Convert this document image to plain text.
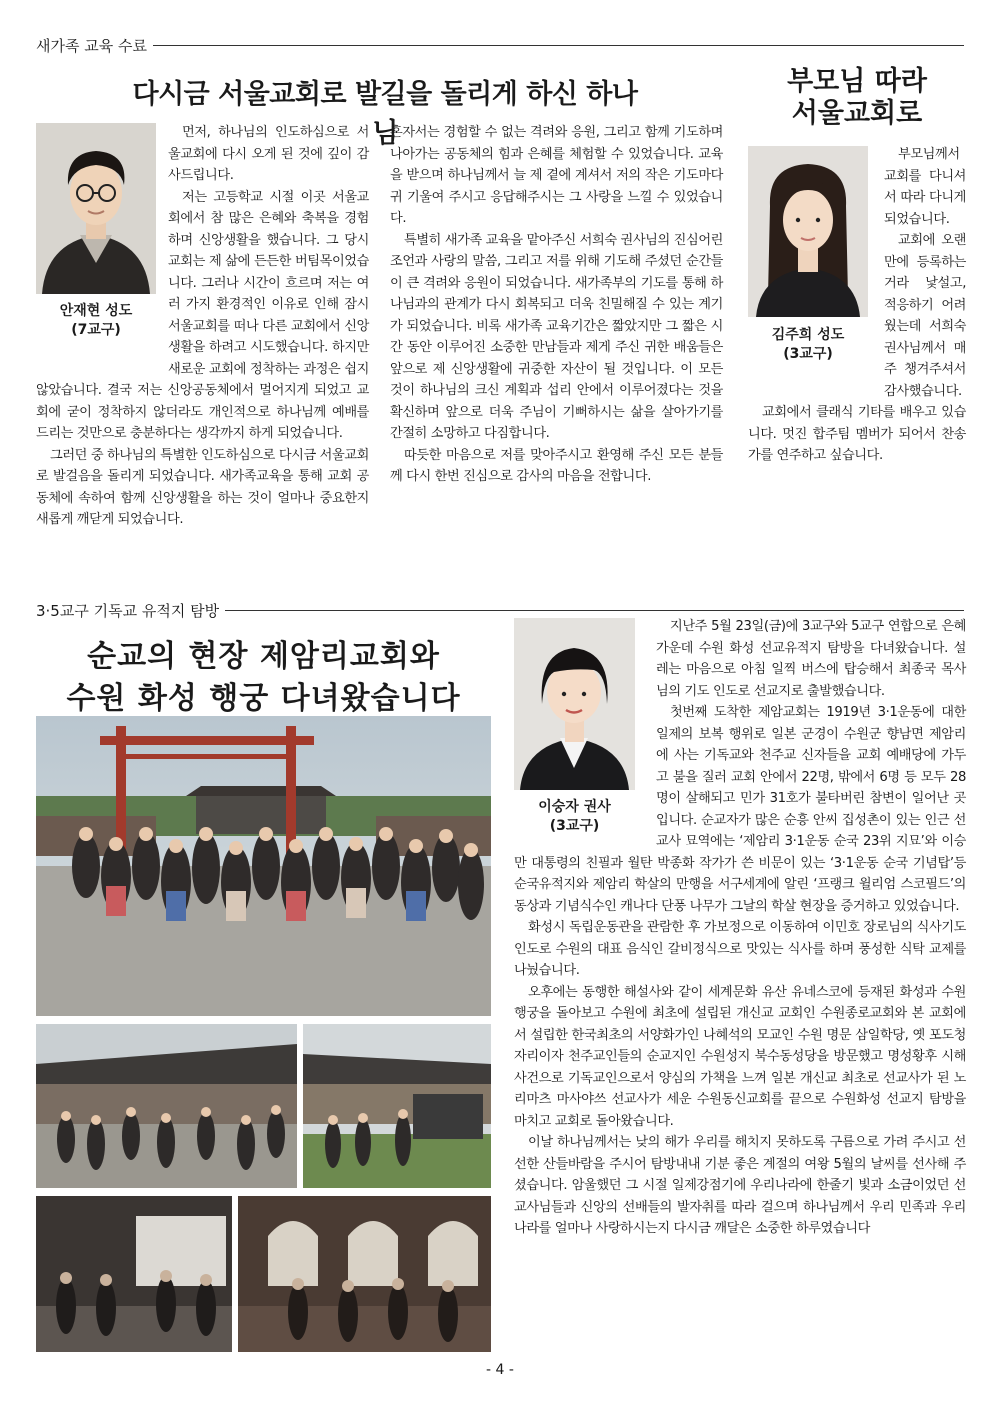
새가족 교육 수료
다시금 서울교회로 발길을 돌리게 하신 하나님
안재현 성도
(7교구)

먼저, 하나님의 인도하심으로 서울교회에 다시 오게 된 것에 깊이 감사드립니다.

저는 고등학교 시절 이곳 서울교회에서 참 많은 은혜와 축복을 경험하며 신앙생활을 했습니다. 그 당시 교회는 제 삶에 든든한 버팀목이었습니다. 그러나 시간이 흐르며 저는 여러 가지 환경적인 이유로 인해 잠시 서울교회를 떠나 다른 교회에서 신앙생활을 하려고 시도했습니다. 하지만 새로운 교회에 정착하는 과정은 쉽지 않았습니다. 결국 저는 신앙공동체에서 멀어지게 되었고 교회에 굳이 정착하지 않더라도 개인적으로 하나님께 예배를 드리는 것만으로 충분하다는 생각까지 하게 되었습니다.

그러던 중 하나님의 특별한 인도하심으로 다시금 서울교회로 발걸음을 돌리게 되었습니다. 새가족교육을 통해 교회 공동체에 속하여 함께 신앙생활을 하는 것이 얼마나 중요한지 새롭게 깨닫게 되었습니다.

혼자서는 경험할 수 없는 격려와 응원, 그리고 함께 기도하며 나아가는 공동체의 힘과 은혜를 체험할 수 있었습니다. 교육을 받으며 하나님께서 늘 제 곁에 계셔서 저의 작은 기도마다 귀 기울여 주시고 응답해주시는 그 사랑을 느낄 수 있었습니다.

특별히 새가족 교육을 맡아주신 서희숙 권사님의 진심어린 조언과 사랑의 말씀, 그리고 저를 위해 기도해 주셨던 순간들이 큰 격려와 응원이 되었습니다. 새가족부의 기도를 통해 하나님과의 관계가 다시 회복되고 더욱 친밀해질 수 있는 계기가 되었습니다. 비록 새가족 교육기간은 짧았지만 그 짧은 시간 동안 이루어진 소중한 만남들과 제게 주신 귀한 배움들은 앞으로 제 신앙생활에 귀중한 자산이 될 것입니다. 이 모든 것이 하나님의 크신 계획과 섭리 안에서 이루어졌다는 것을 확신하며 앞으로 더욱 주님이 기뻐하시는 삶을 살아가기를 간절히 소망하고 다짐합니다.

따듯한 마음으로 저를 맞아주시고 환영해 주신 모든 분들께 다시 한번 진심으로 감사의 마음을 전합니다.

부모님 따라
서울교회로
김주희 성도
(3교구)

부모님께서 교회를 다니셔서 따라 다니게 되었습니다.

교회에 오랜만에 등록하는거라 낯설고, 적응하기 어려웠는데 서희숙 권사님께서 매주 챙겨주셔서 감사했습니다.

교회에서 클래식 기타를 배우고 있습니다. 멋진 합주팀 멤버가 되어서 찬송가를 연주하고 싶습니다.

3·5교구 기독교 유적지 탐방
순교의 현장 제암리교회와
수원 화성 행궁 다녀왔습니다
이숭자 권사
(3교구)

지난주 5월 23일(금)에 3교구와 5교구 연합으로 은혜 가운데 수원 화성 선교유적지 탐방을 다녀왔습니다. 설레는 마음으로 아침 일찍 버스에 탑승해서 최종국 목사님의 기도 인도로 선교지로 출발했습니다.

첫번째 도착한 제암교회는 1919년 3·1운동에 대한 일제의 보복 행위로 일본 군경이 수원군 향남면 제암리에 사는 기독교와 천주교 신자들을 교회 예배당에 가두고 불을 질러 교회 안에서 22명, 밖에서 6명 등 모두 28명이 살해되고 민가 31호가 불타버린 참변이 일어난 곳입니다. 순교자가 많은 순흥 안씨 집성촌이 있는 인근 선교사 묘역에는 ‘제암리 3·1운동 순국 23위 지묘’와 이승만 대통령의 친필과 월탄 박종화 작가가 쓴 비문이 있는 ‘3·1운동 순국 기념탑’등 순국유적지와 제암리 학살의 만행을 서구세계에 알린 ‘프랭크 윌리엄 스코필드’의 동상과 기념식수인 캐나다 단풍 나무가 그날의 학살 현장을 증거하고 있었습니다.

화성시 독립운동관을 관람한 후 가보정으로 이동하여 이민호 장로님의 식사기도 인도로 수원의 대표 음식인 갈비정식으로 맛있는 식사를 하며 풍성한 식탁 교제를 나눴습니다.

오후에는 동행한 해설사와 같이 세계문화 유산 유네스코에 등재된 화성과 수원 행궁을 돌아보고 수원에 최초에 설립된 개신교 교회인 수원종로교회와 본 교회에서 설립한 한국최초의 서양화가인 나혜석의 모교인 수원 명문 삼일학당, 옛 포도청 자리이자 천주교인들의 순교지인 수원성지 북수동성당을 방문했고 명성황후 시해 사건으로 기독교인으로서 양심의 가책을 느껴 일본 개신교 최초로 선교사가 된 노리마츠 마사야쓰 선교사가 세운 수원동신교회를 끝으로 수원화성 선교지 탐방을 마치고 교회로 돌아왔습니다.

이날 하나님께서는 낮의 해가 우리를 해치지 못하도록 구름으로 가려 주시고 선선한 산들바람을 주시어 탐방내내 기분 좋은 계절의 여왕 5월의 날씨를 선사해 주셨습니다. 암울했던 그 시절 일제강점기에 우리나라에 한줄기 빛과 소금이었던 선교사님들과 신앙의 선배들의 발자취를 따라 걸으며 하나님께서 우리 민족과 우리나라를 얼마나 사랑하시는지 다시금 깨달은 소중한 하루였습니다

- 4 -
